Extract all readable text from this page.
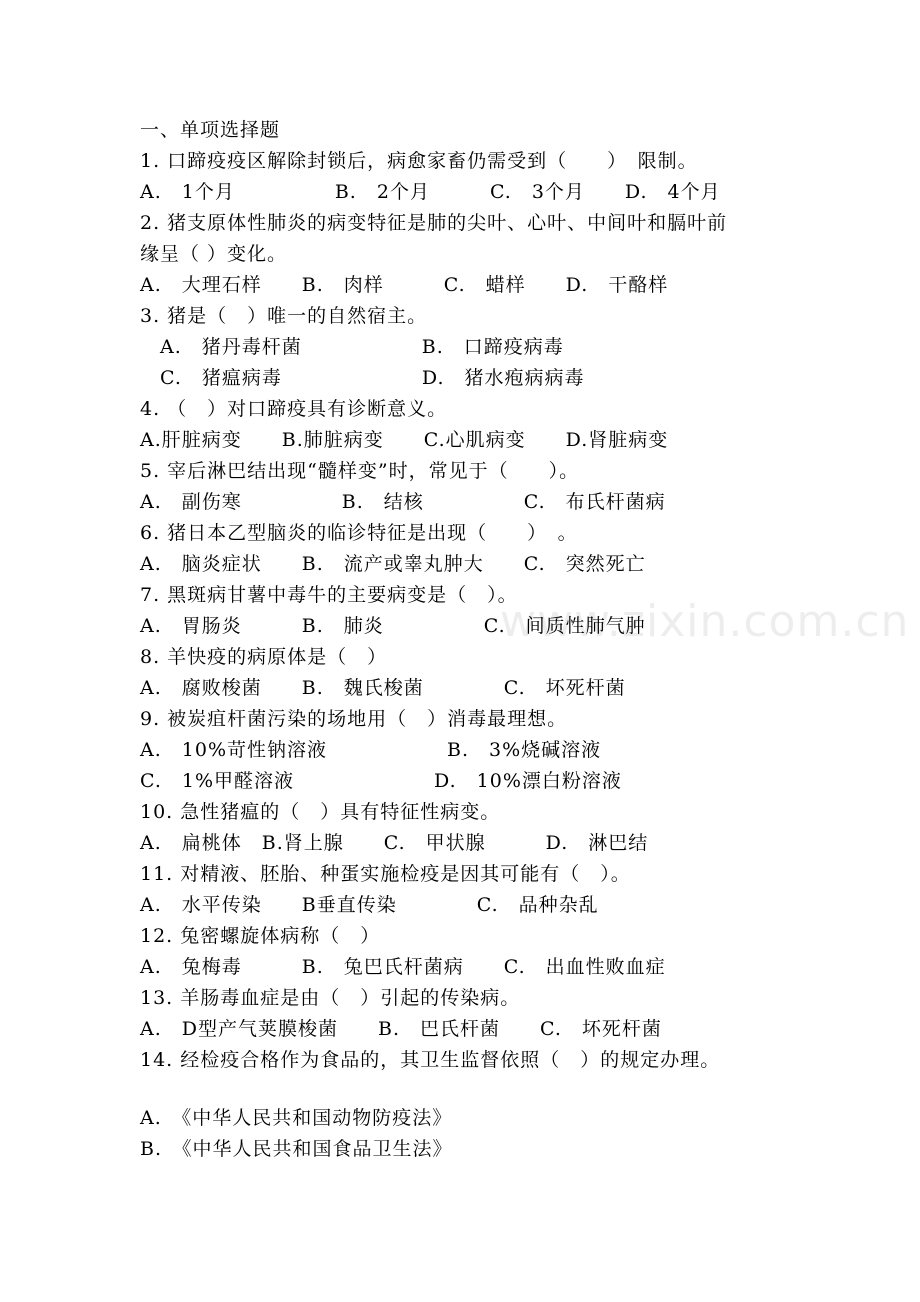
www.zixin.com.cn
一、单项选择题
1. 口蹄疫疫区解除封锁后，病愈家畜仍需受到（　　）　限制。
A.　1个月　　　　　B.　2个月　　　C.　3个月　　D.　4个月
2. 猪支原体性肺炎的病变特征是肺的尖叶、心叶、中间叶和膈叶前
缘呈（ ）变化。
A.　大理石样　　B.　肉样　　　C.　蜡样　　D.　干酪样
3. 猪是（　）唯一的自然宿主。
　A.　猪丹毒杆菌　　　　　　B.　口蹄疫病毒
　C.　猪瘟病毒　　　　　　　D.　猪水疱病病毒
4. （　）对口蹄疫具有诊断意义。
A.肝脏病变　　B.肺脏病变　　C.心肌病变　　D.肾脏病变
5. 宰后淋巴结出现“髓样变”时，常见于（　　）。
A.　副伤寒　　　　　B.　结核　　　　　C.　布氏杆菌病
6. 猪日本乙型脑炎的临诊特征是出现（　　）　。
A.　脑炎症状　　B.　流产或睾丸肿大　　C.　突然死亡
7. 黑斑病甘薯中毒牛的主要病变是（　）。
A.　胃肠炎　　　B.　肺炎　　　　　C.　间质性肺气肿
8. 羊快疫的病原体是（　）
A.　腐败梭菌　　B.　魏氏梭菌　　　　C.　坏死杆菌
9. 被炭疽杆菌污染的场地用（　）消毒最理想。
A.　10%苛性钠溶液　　　　　　B.　3%烧碱溶液
C.　1%甲醛溶液　　　　　　　D.　10%漂白粉溶液
10. 急性猪瘟的（　）具有特征性病变。
A.　扁桃体　B.肾上腺　　C.　甲状腺　　　D.　淋巴结
11. 对精液、胚胎、种蛋实施检疫是因其可能有（　）。
A.　水平传染　　B垂直传染　　　　C.　品种杂乱
12. 兔密螺旋体病称（　）
A.　兔梅毒　　　B.　兔巴氏杆菌病　　C.　出血性败血症
13. 羊肠毒血症是由（　）引起的传染病。
A.　D型产气荚膜梭菌　　B.　巴氏杆菌　　C.　坏死杆菌
14. 经检疫合格作为食品的，其卫生监督依照（　）的规定办理。
A.　《中华人民共和国动物防疫法》
B.　《中华人民共和国食品卫生法》
